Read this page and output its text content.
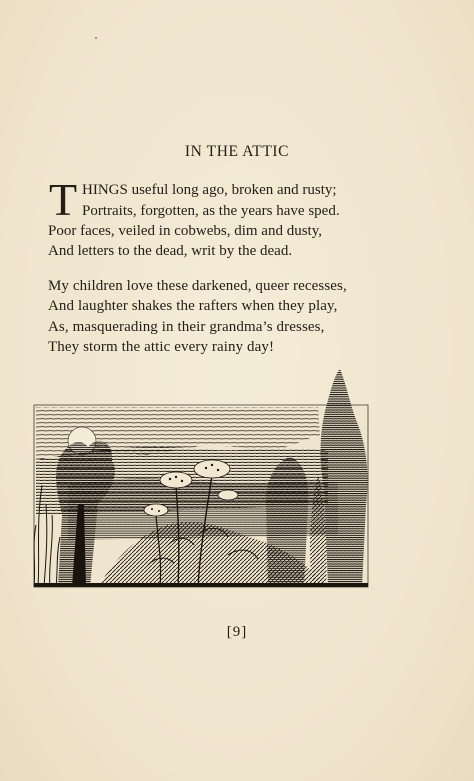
IN THE ATTIC
T HINGS useful long ago, broken and rusty;
Portraits, forgotten, as the years have sped.
Poor faces, veiled in cobwebs, dim and dusty,
And letters to the dead, writ by the dead.
My children love these darkened, queer recesses,
And laughter shakes the rafters when they play,
As, masquerading in their grandma’s dresses,
They storm the attic every rainy day!
[9]
